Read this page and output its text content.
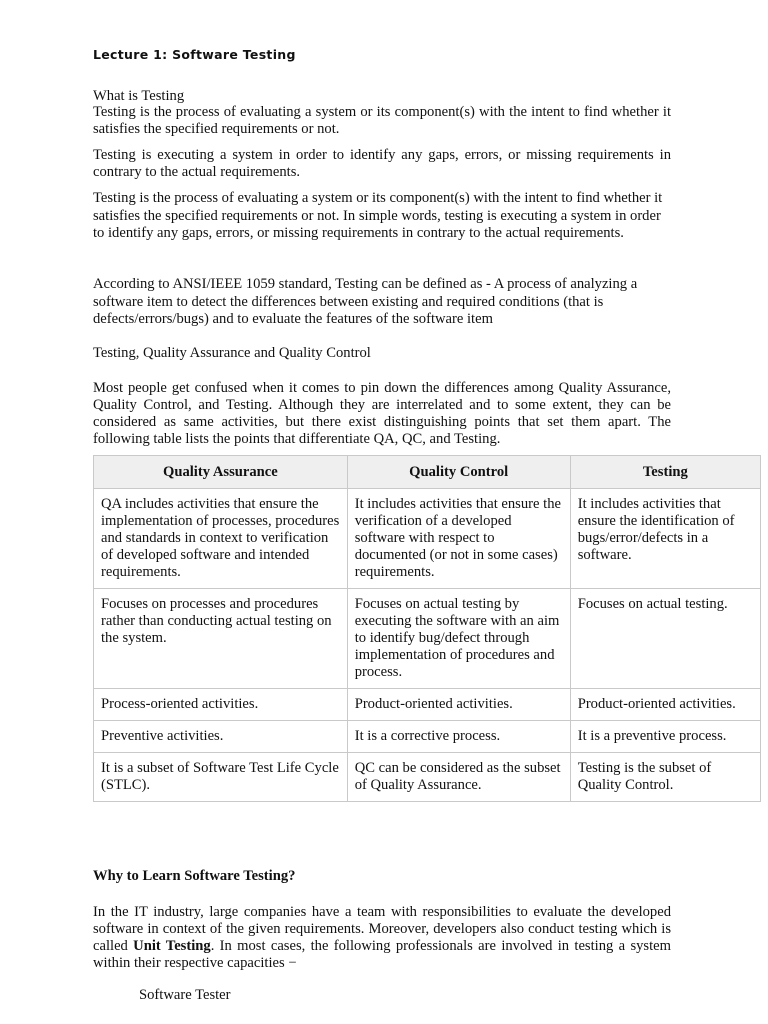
Lecture 1: Software Testing

What is Testing

Testing is the process of evaluating a system or its component(s) with the intent to find whether it satisfies the specified requirements or not.

Testing is executing a system in order to identify any gaps, errors, or missing requirements in contrary to the actual requirements.

Testing is the process of evaluating a system or its component(s) with the intent to find whether it satisfies the specified requirements or not. In simple words, testing is executing a system in order to identify any gaps, errors, or missing requirements in contrary to the actual requirements.

According to ANSI/IEEE 1059 standard, Testing can be defined as - A process of analyzing a software item to detect the differences between existing and required conditions (that is defects/errors/bugs) and to evaluate the features of the software item

Testing, Quality Assurance and Quality Control

Most people get confused when it comes to pin down the differences among Quality Assurance, Quality Control, and Testing. Although they are interrelated and to some extent, they can be considered as same activities, but there exist distinguishing points that set them apart. The following table lists the points that differentiate QA, QC, and Testing.

Quality Assurance	Quality Control	Testing
QA includes activities that ensure the implementation of processes, procedures and standards in context to verification of developed software and intended requirements.	It includes activities that ensure the verification of a developed software with respect to documented (or not in some cases) requirements.	It includes activities that ensure the identification of bugs/error/defects in a software.
Focuses on processes and procedures rather than conducting actual testing on the system.	Focuses on actual testing by executing the software with an aim to identify bug/defect through implementation of procedures and process.	Focuses on actual testing.
Process-oriented activities.	Product-oriented activities.	Product-oriented activities.
Preventive activities.	It is a corrective process.	It is a preventive process.
It is a subset of Software Test Life Cycle (STLC).	QC can be considered as the subset of Quality Assurance.	Testing is the subset of Quality Control.

Why to Learn Software Testing?

In the IT industry, large companies have a team with responsibilities to evaluate the developed software in context of the given requirements. Moreover, developers also conduct testing which is called Unit Testing. In most cases, the following professionals are involved in testing a system within their respective capacities −

Software Tester
